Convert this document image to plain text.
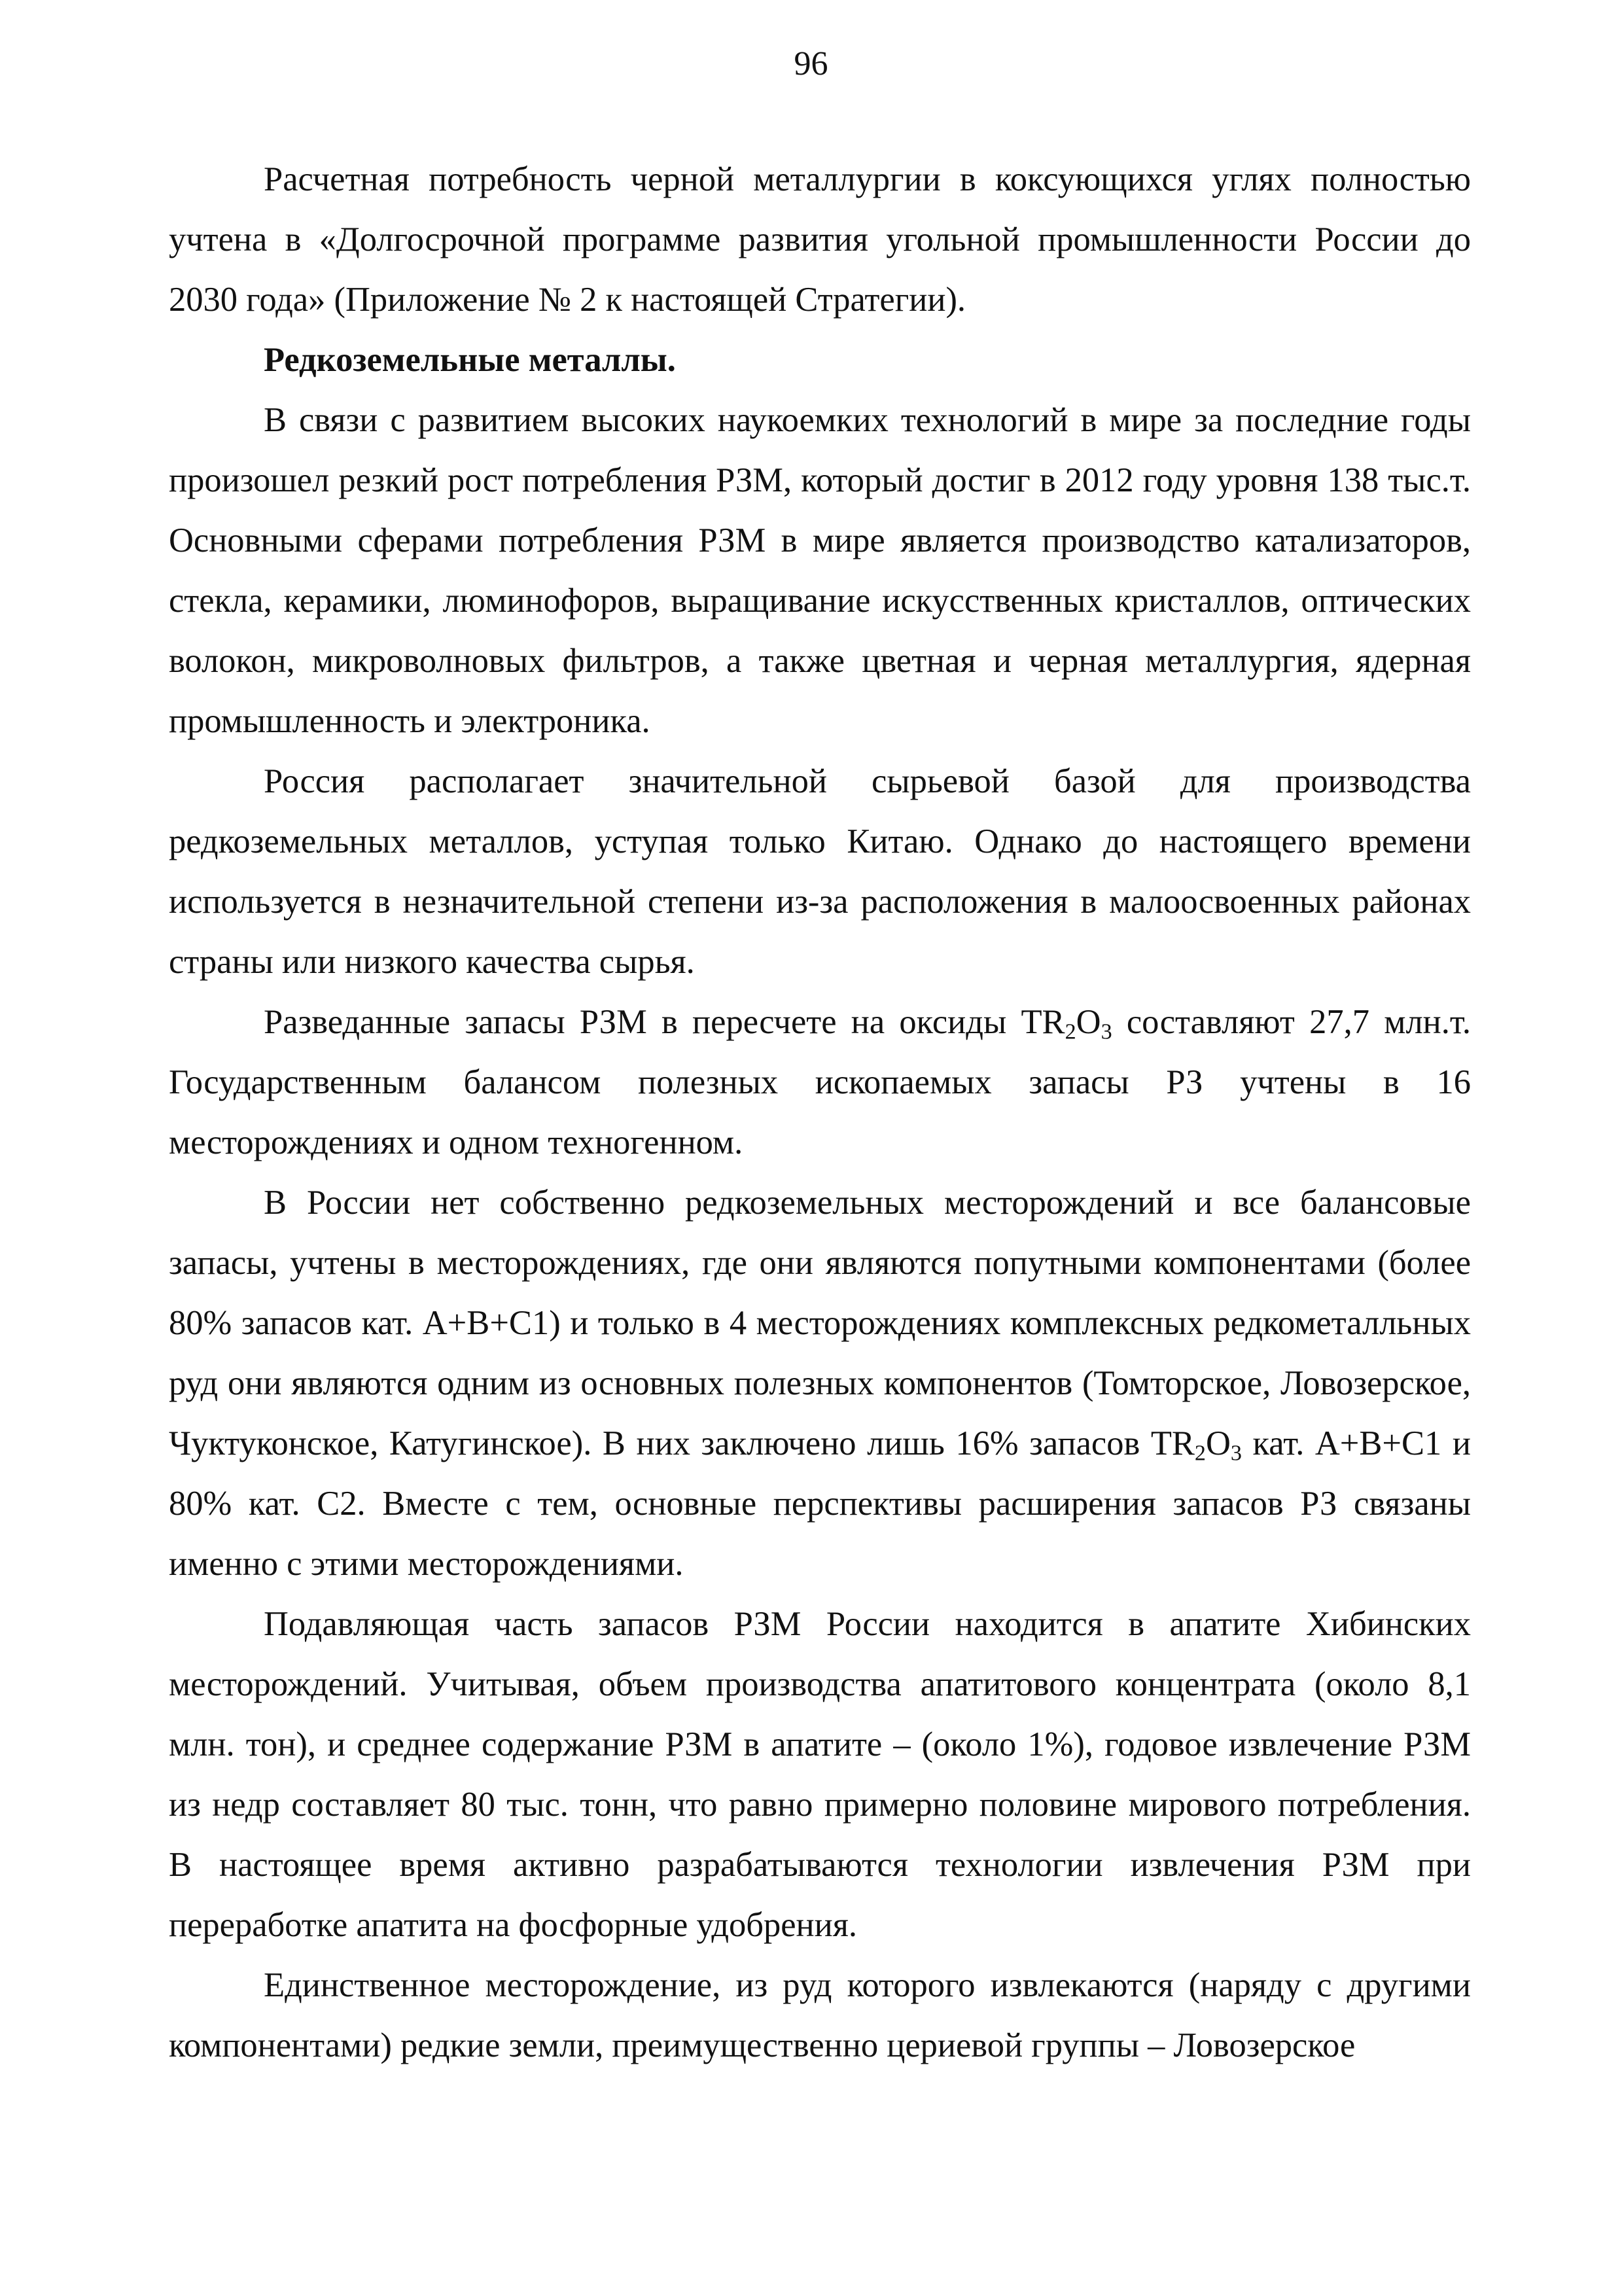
96

Расчетная потребность черной металлургии в коксующихся углях полностью учтена в «Долгосрочной программе развития угольной промышленности России до 2030 года» (Приложение № 2 к настоящей Стратегии).

Редкоземельные металлы.

В связи с развитием высоких наукоемких технологий в мире за последние годы произошел резкий рост потребления РЗМ, который достиг в 2012 году уровня 138 тыс.т. Основными сферами потребления РЗМ в мире является производство катализаторов, стекла, керамики, люминофоров, выращивание искусственных кристаллов, оптических волокон, микроволновых фильтров, а также цветная и черная металлургия, ядерная промышленность и электроника.

Россия располагает значительной сырьевой базой для производства редкоземельных металлов, уступая только Китаю. Однако до настоящего времени используется в незначительной степени из-за расположения в малоосвоенных районах страны или низкого качества сырья.

Разведанные запасы РЗМ в пересчете на оксиды $TR_2O_3$ составляют 27,7 млн.т. Государственным балансом полезных ископаемых запасы РЗ учтены в 16 месторождениях и одном техногенном.

В России нет собственно редкоземельных месторождений и все балансовые запасы, учтены в месторождениях, где они являются попутными компонентами (более 80% запасов кат. А+В+С1) и только в 4 месторождениях комплексных редкометалльных руд они являются одним из основных полезных компонентов (Томторское, Ловозерское, Чуктуконское, Катугинское). В них заключено лишь 16% запасов $TR_2O_3$ кат. А+В+С1 и 80% кат. С2. Вместе с тем, основные перспективы расширения запасов РЗ связаны именно с этими месторождениями.

Подавляющая часть запасов РЗМ России находится в апатите Хибинских месторождений. Учитывая, объем производства апатитового концентрата (около 8,1 млн. тон), и среднее содержание РЗМ в апатите – (около 1%), годовое извлечение РЗМ из недр составляет 80 тыс. тонн, что равно примерно половине мирового потребления. В настоящее время активно разрабатываются технологии извлечения РЗМ при переработке апатита на фосфорные удобрения.

Единственное месторождение, из руд которого извлекаются (наряду с другими компонентами) редкие земли, преимущественно цериевой группы – Ловозерское
